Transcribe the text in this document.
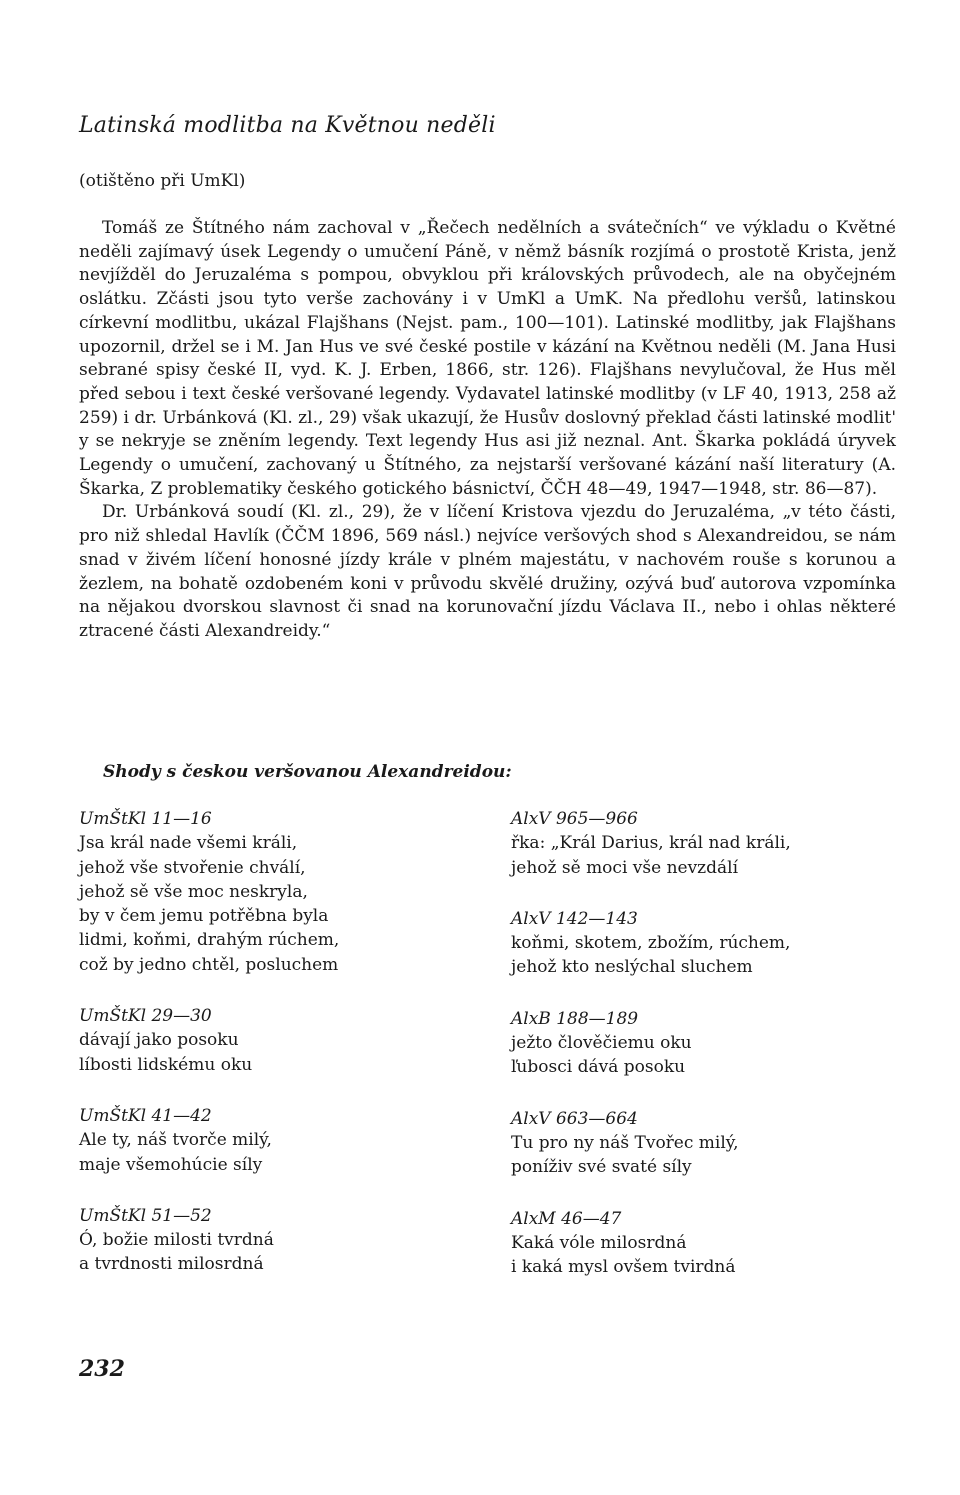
Latinská modlitba na Květnou neděli
(otištěno při UmKl)

Tomáš ze Štítného nám zachoval v „Řečech nedělních a svátečních“ ve výkladu o Květné neděli zajímavý úsek Legendy o umučení Páně, v němž básník rozjímá o prostotě Krista, jenž nevjížděl do Jeruzaléma s pompou, obvyklou při královských průvodech, ale na obyčejném oslátku. Zčásti jsou tyto verše zachovány i v UmKl a UmK. Na předlohu veršů, latinskou církevní modlitbu, ukázal Flajšhans (Nejst. pam., 100—101). Latinské modlitby, jak Flajšhans upozornil, držel se i M. Jan Hus ve své české postile v kázání na Květnou neděli (M. Jana Husi sebrané spisy české II, vyd. K. J. Erben, 1866, str. 126). Flajšhans nevylučoval, že Hus měl před sebou i text české veršované legendy. Vydavatel latinské modlitby (v LF 40, 1913, 258 až 259) i dr. Urbánková (Kl. zl., 29) však ukazují, že Husův doslovný překlad části latinské modlit' y se nekryje se zněním legendy. Text legendy Hus asi již neznal. Ant. Škarka pokládá úryvek Legendy o umučení, zachovaný u Štítného, za nejstarší veršované kázání naší literatury (A. Škarka, Z problematiky českého gotického básnictví, ČČH 48—49, 1947—1948, str. 86—87).

Dr. Urbánková soudí (Kl. zl., 29), že v líčení Kristova vjezdu do Jeruzaléma, „v této části, pro niž shledal Havlík (ČČM 1896, 569 násl.) nejvíce veršových shod s Alexandreidou, se nám snad v živém líčení honosné jízdy krále v plném majestátu, v nachovém rouše s korunou a žezlem, na bohatě ozdobeném koni v průvodu skvělé družiny, ozývá buď autorova vzpomínka na nějakou dvorskou slavnost či snad na korunovační jízdu Václava II., nebo i ohlas některé ztracené části Alexandreidy.“

Shody s českou veršovanou Alexandreidou:
UmŠtKl 11—16
Jsa král nade všemi králi,
jehož vše stvořenie chválí,
jehož sě vše moc neskryla,
by v čem jemu potřěbna byla
lidmi, koňmi, drahým rúchem,
což by jedno chtěl, posluchem
UmŠtKl 29—30
dávají jako posoku
líbosti lidskému oku
UmŠtKl 41—42
Ale ty, náš tvorče milý,
maje všemohúcie síly
UmŠtKl 51—52
Ó, božie milosti tvrdná
a tvrdnosti milosrdná
AlxV 965—966
řka: „Král Darius, král nad králi,
jehož sě moci vše nevzdálí
AlxV 142—143
koňmi, skotem, zbožím, rúchem,
jehož kto neslýchal sluchem
AlxB 188—189
ježto člověčiemu oku
ľubosci dává posoku
AlxV 663—664
Tu pro ny náš Tvořec milý,
poníživ své svaté síly
AlxM 46—47
Kaká vóle milosrdná
i kaká mysl ovšem tvirdná
232
